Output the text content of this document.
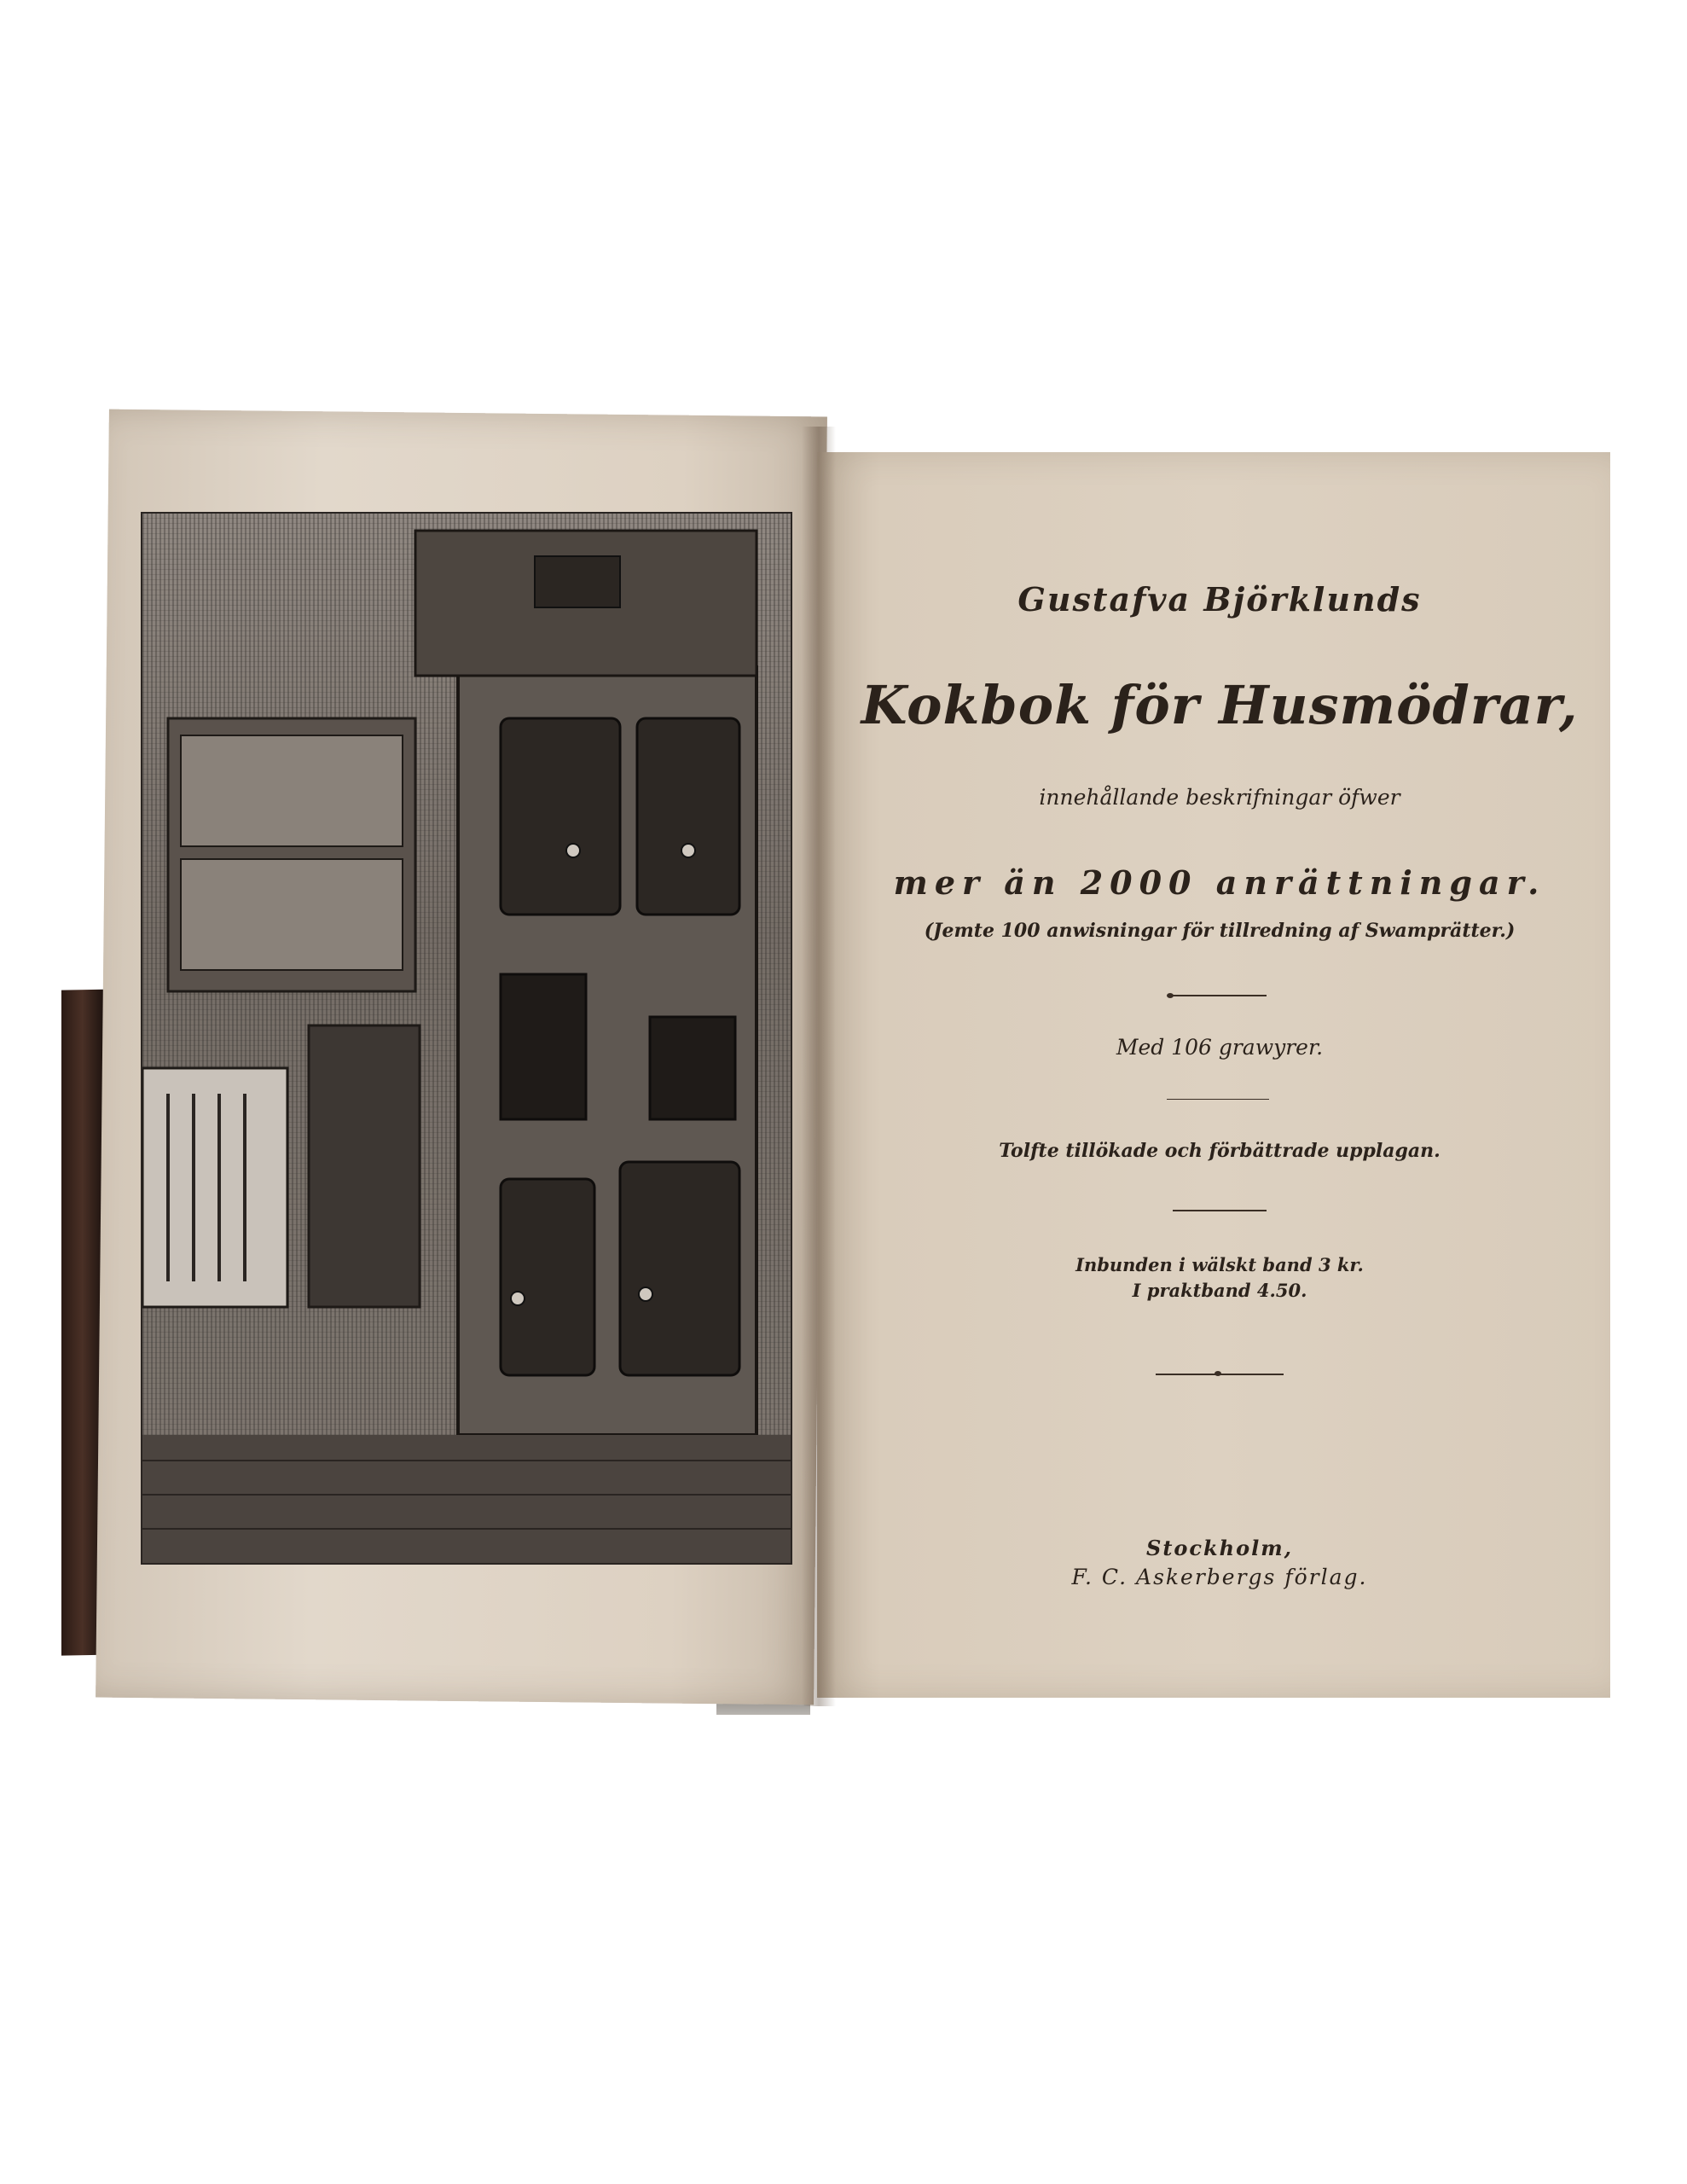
Gustafva Björklunds
Kokbok för Husmödrar,
innehållande beskrifningar öfwer
mer än 2000 anrättningar.
(Jemte 100 anwisningar för tillredning af Swamprätter.)
Med 106 grawyrer.
Tolfte tillökade och förbättrade upplagan.
Inbunden i wälskt band 3 kr.
I praktband 4.50.
Stockholm,
F. C. Askerbergs förlag.
